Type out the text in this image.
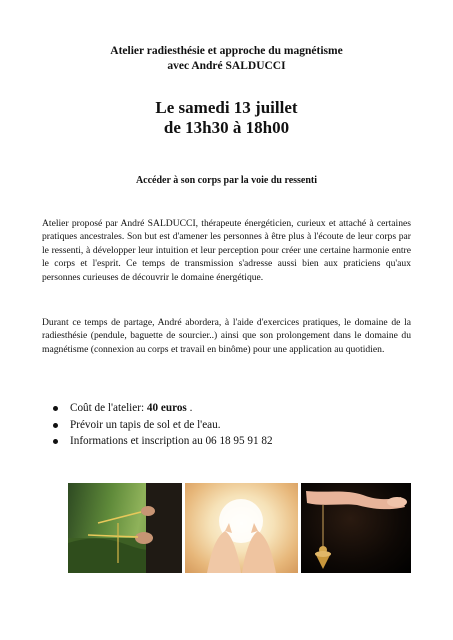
Atelier radiesthésie et approche du magnétisme
avec André SALDUCCI
Le samedi 13 juillet
de 13h30 à 18h00
Accéder à son corps par la voie du ressenti

Atelier proposé par André SALDUCCI, thérapeute énergéticien, curieux et attaché à certaines pratiques ancestrales. Son but est d'amener les personnes à être plus à l'écoute de leur corps par le ressenti, à développer leur intuition et leur perception pour créer une certaine harmonie entre le corps et l'esprit. Ce temps de transmission s'adresse aussi bien aux praticiens qu'aux personnes curieuses de découvrir le domaine énergétique.

Durant ce temps de partage, André abordera, à l'aide d'exercices pratiques, le domaine de la radiesthésie (pendule, baguette de sourcier..) ainsi que son prolongement dans le domaine du magnétisme (connexion au corps et travail en binôme) pour une application au quotidien.

Coût de l'atelier: 40 euros .
Prévoir un tapis de sol et de l'eau.
Informations et inscription au 06 18 95 91 82
